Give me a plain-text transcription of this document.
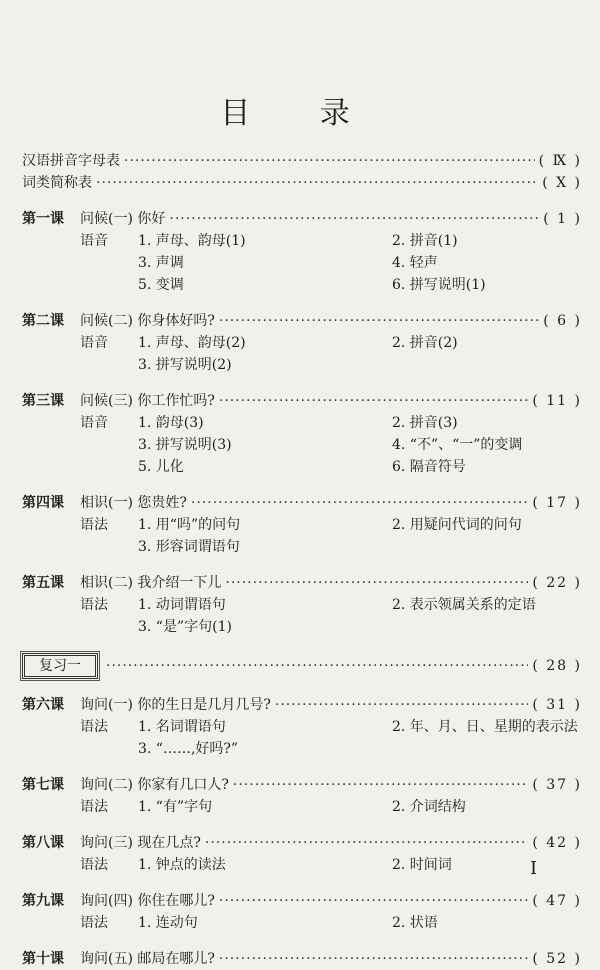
目 录
汉语拼音字母表 ·····	( Ⅸ )
词类简称表 ·····	( Ⅹ )
第一课	问候(一) 你好 ·····	( 1 )
语音	1. 声母、韵母(1)	2. 拼音(1)
3. 声调	4. 轻声
5. 变调	6. 拼写说明(1)
第二课	问候(二) 你身体好吗? ·····	( 6 )
语音	1. 声母、韵母(2)	2. 拼音(2)
3. 拼写说明(2)
第三课	问候(三) 你工作忙吗? ·····	( 11 )
语音	1. 韵母(3)	2. 拼音(3)
3. 拼写说明(3)	4. “不”、“一”的变调
5. 儿化	6. 隔音符号
第四课	相识(一) 您贵姓? ·····	( 17 )
语法	1. 用“吗”的问句	2. 用疑问代词的问句
3. 形容词谓语句
第五课	相识(二) 我介绍一下儿 ·····	( 22 )
语法	1. 动词谓语句	2. 表示领属关系的定语
3. “是”字句(1)
复习一 ·····	( 28 )
第六课	询问(一) 你的生日是几月几号? ·····	( 31 )
语法	1. 名词谓语句	2. 年、月、日、星期的表示法
3. “……,好吗?”
第七课	询问(二) 你家有几口人? ·····	( 37 )
语法	1. “有”字句	2. 介词结构
第八课	询问(三) 现在几点? ·····	( 42 )
语法	1. 钟点的读法	2. 时间词
第九课	询问(四) 你住在哪儿? ·····	( 47 )
语法	1. 连动句	2. 状语
第十课	询问(五) 邮局在哪儿? ·····	( 52 )
I
